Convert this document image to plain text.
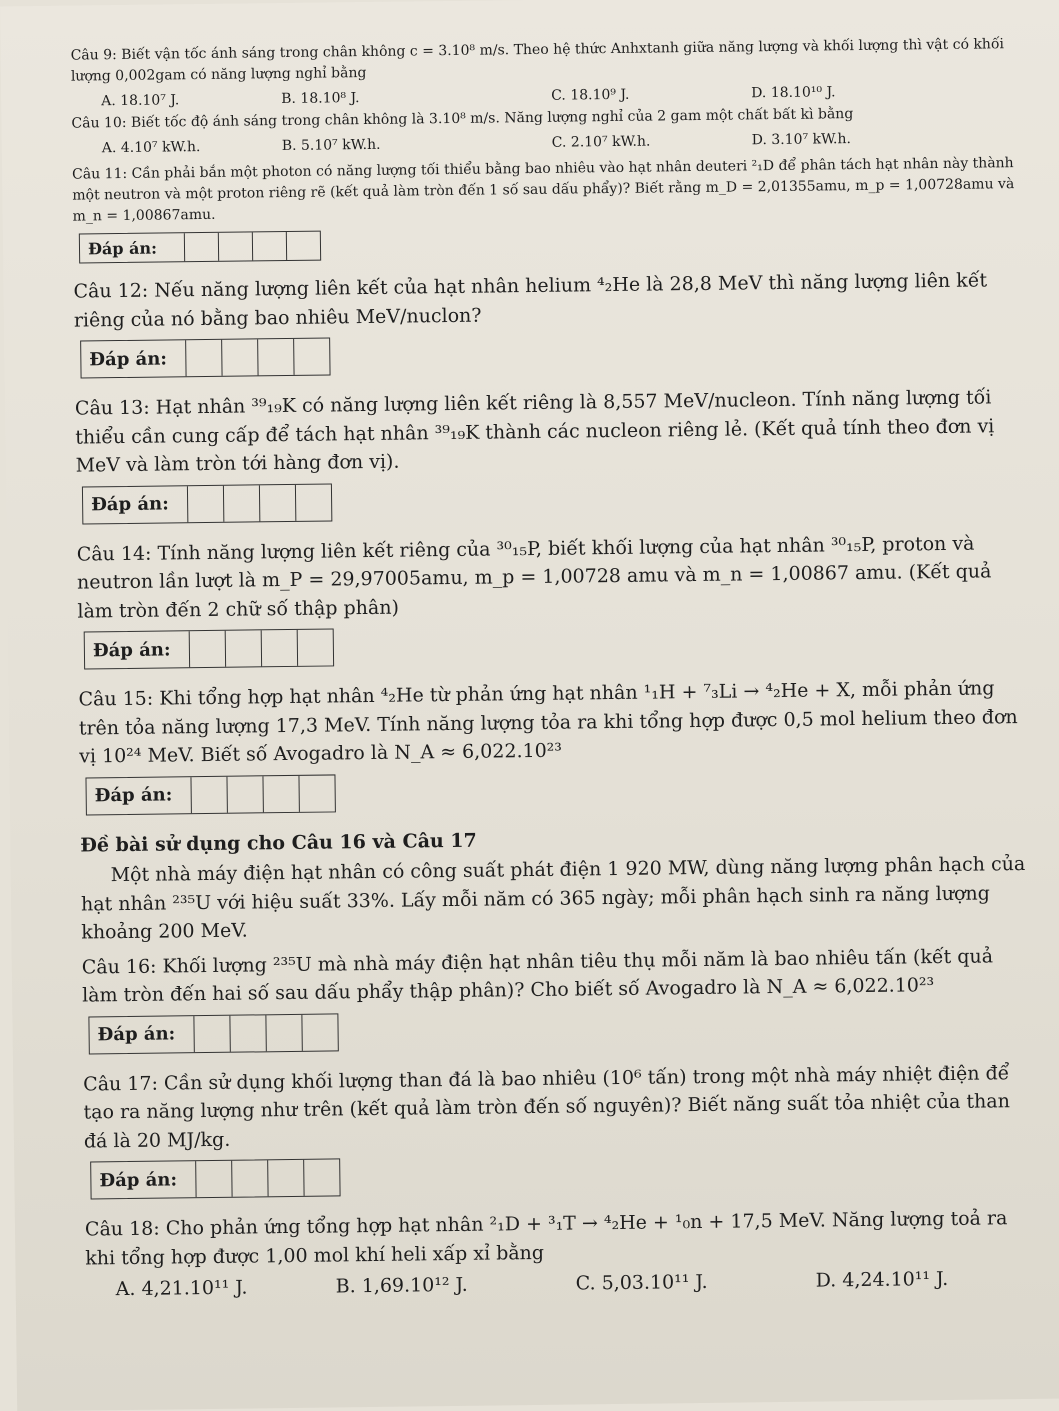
Câu 9: Biết vận tốc ánh sáng trong chân không c = 3.10⁸ m/s. Theo hệ thức Anhxtanh giữa năng lượng và khối lượng thì vật có khối lượng 0,002gam có năng lượng nghỉ bằng

A. 18.10⁷ J.	B. 18.10⁸ J.	C. 18.10⁹ J.	D. 18.10¹⁰ J.

Câu 10: Biết tốc độ ánh sáng trong chân không là 3.10⁸ m/s. Năng lượng nghỉ của 2 gam một chất bất kì bằng

A. 4.10⁷ kW.h.	B. 5.10⁷ kW.h.	C. 2.10⁷ kW.h.	D. 3.10⁷ kW.h.

Câu 11: Cần phải bắn một photon có năng lượng tối thiểu bằng bao nhiêu vào hạt nhân deuteri ²₁D để phân tách hạt nhân này thành một neutron và một proton riêng rẽ (kết quả làm tròn đến 1 số sau dấu phẩy)? Biết rằng m_D = 2,01355amu, m_p = 1,00728amu và m_n = 1,00867amu.

Đáp án:

Câu 12: Nếu năng lượng liên kết của hạt nhân helium ⁴₂He là 28,8 MeV thì năng lượng liên kết riêng của nó bằng bao nhiêu MeV/nuclon?

Đáp án:

Câu 13: Hạt nhân ³⁹₁₉K có năng lượng liên kết riêng là 8,557 MeV/nucleon. Tính năng lượng tối thiểu cần cung cấp để tách hạt nhân ³⁹₁₉K thành các nucleon riêng lẻ. (Kết quả tính theo đơn vị MeV và làm tròn tới hàng đơn vị).

Đáp án:

Câu 14: Tính năng lượng liên kết riêng của ³⁰₁₅P, biết khối lượng của hạt nhân ³⁰₁₅P, proton và neutron lần lượt là m_P = 29,97005amu, m_p = 1,00728 amu và m_n = 1,00867 amu. (Kết quả làm tròn đến 2 chữ số thập phân)

Đáp án:

Câu 15: Khi tổng hợp hạt nhân ⁴₂He từ phản ứng hạt nhân ¹₁H + ⁷₃Li → ⁴₂He + X, mỗi phản ứng trên tỏa năng lượng 17,3 MeV. Tính năng lượng tỏa ra khi tổng hợp được 0,5 mol helium theo đơn vị 10²⁴ MeV. Biết số Avogadro là N_A ≈ 6,022.10²³

Đáp án:

Đề bài sử dụng cho Câu 16 và Câu 17

Một nhà máy điện hạt nhân có công suất phát điện 1 920 MW, dùng năng lượng phân hạch của hạt nhân ²³⁵U với hiệu suất 33%. Lấy mỗi năm có 365 ngày; mỗi phân hạch sinh ra năng lượng khoảng 200 MeV.

Câu 16: Khối lượng ²³⁵U mà nhà máy điện hạt nhân tiêu thụ mỗi năm là bao nhiêu tấn (kết quả làm tròn đến hai số sau dấu phẩy thập phân)? Cho biết số Avogadro là N_A ≈ 6,022.10²³

Đáp án:

Câu 17: Cần sử dụng khối lượng than đá là bao nhiêu (10⁶ tấn) trong một nhà máy nhiệt điện để tạo ra năng lượng như trên (kết quả làm tròn đến số nguyên)? Biết năng suất tỏa nhiệt của than đá là 20 MJ/kg.

Đáp án:

Câu 18: Cho phản ứng tổng hợp hạt nhân ²₁D + ³₁T → ⁴₂He + ¹₀n + 17,5 MeV. Năng lượng toả ra khi tổng hợp được 1,00 mol khí heli xấp xỉ bằng

A. 4,21.10¹¹ J.	B. 1,69.10¹² J.	C. 5,03.10¹¹ J.	D. 4,24.10¹¹ J.
